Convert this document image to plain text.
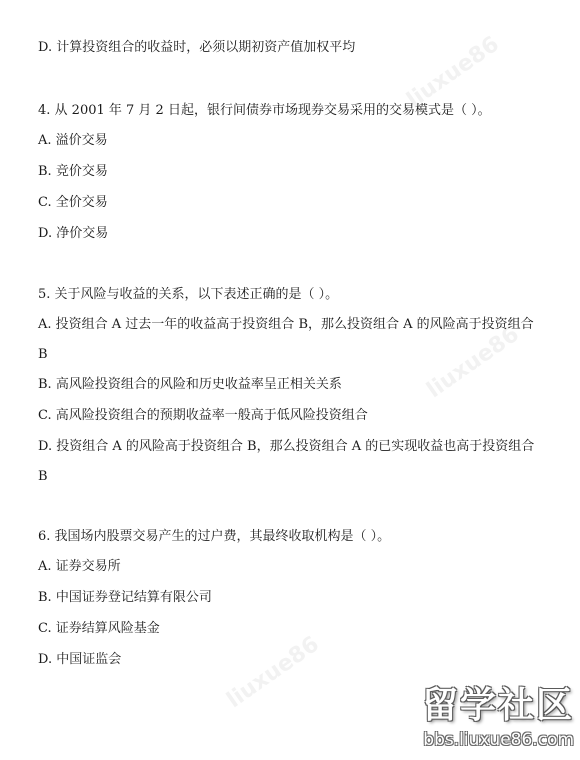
liuxue86
liuxue86
liuxue86
D. 计算投资组合的收益时，必须以期初资产值加权平均
4. 从 2001 年 7 月 2 日起，银行间债券市场现券交易采用的交易模式是（ ）。
A. 溢价交易
B. 竞价交易
C. 全价交易
D. 净价交易
5. 关于风险与收益的关系，以下表述正确的是（ ）。
A. 投资组合 A 过去一年的收益高于投资组合 B，那么投资组合 A 的风险高于投资组合
B
B. 高风险投资组合的风险和历史收益率呈正相关关系
C. 高风险投资组合的预期收益率一般高于低风险投资组合
D. 投资组合 A 的风险高于投资组合 B，那么投资组合 A 的已实现收益也高于投资组合
B
6. 我国场内股票交易产生的过户费，其最终收取机构是（ ）。
A. 证券交易所
B. 中国证券登记结算有限公司
C. 证券结算风险基金
D. 中国证监会
留学社区
bbs.liuxue86.com
